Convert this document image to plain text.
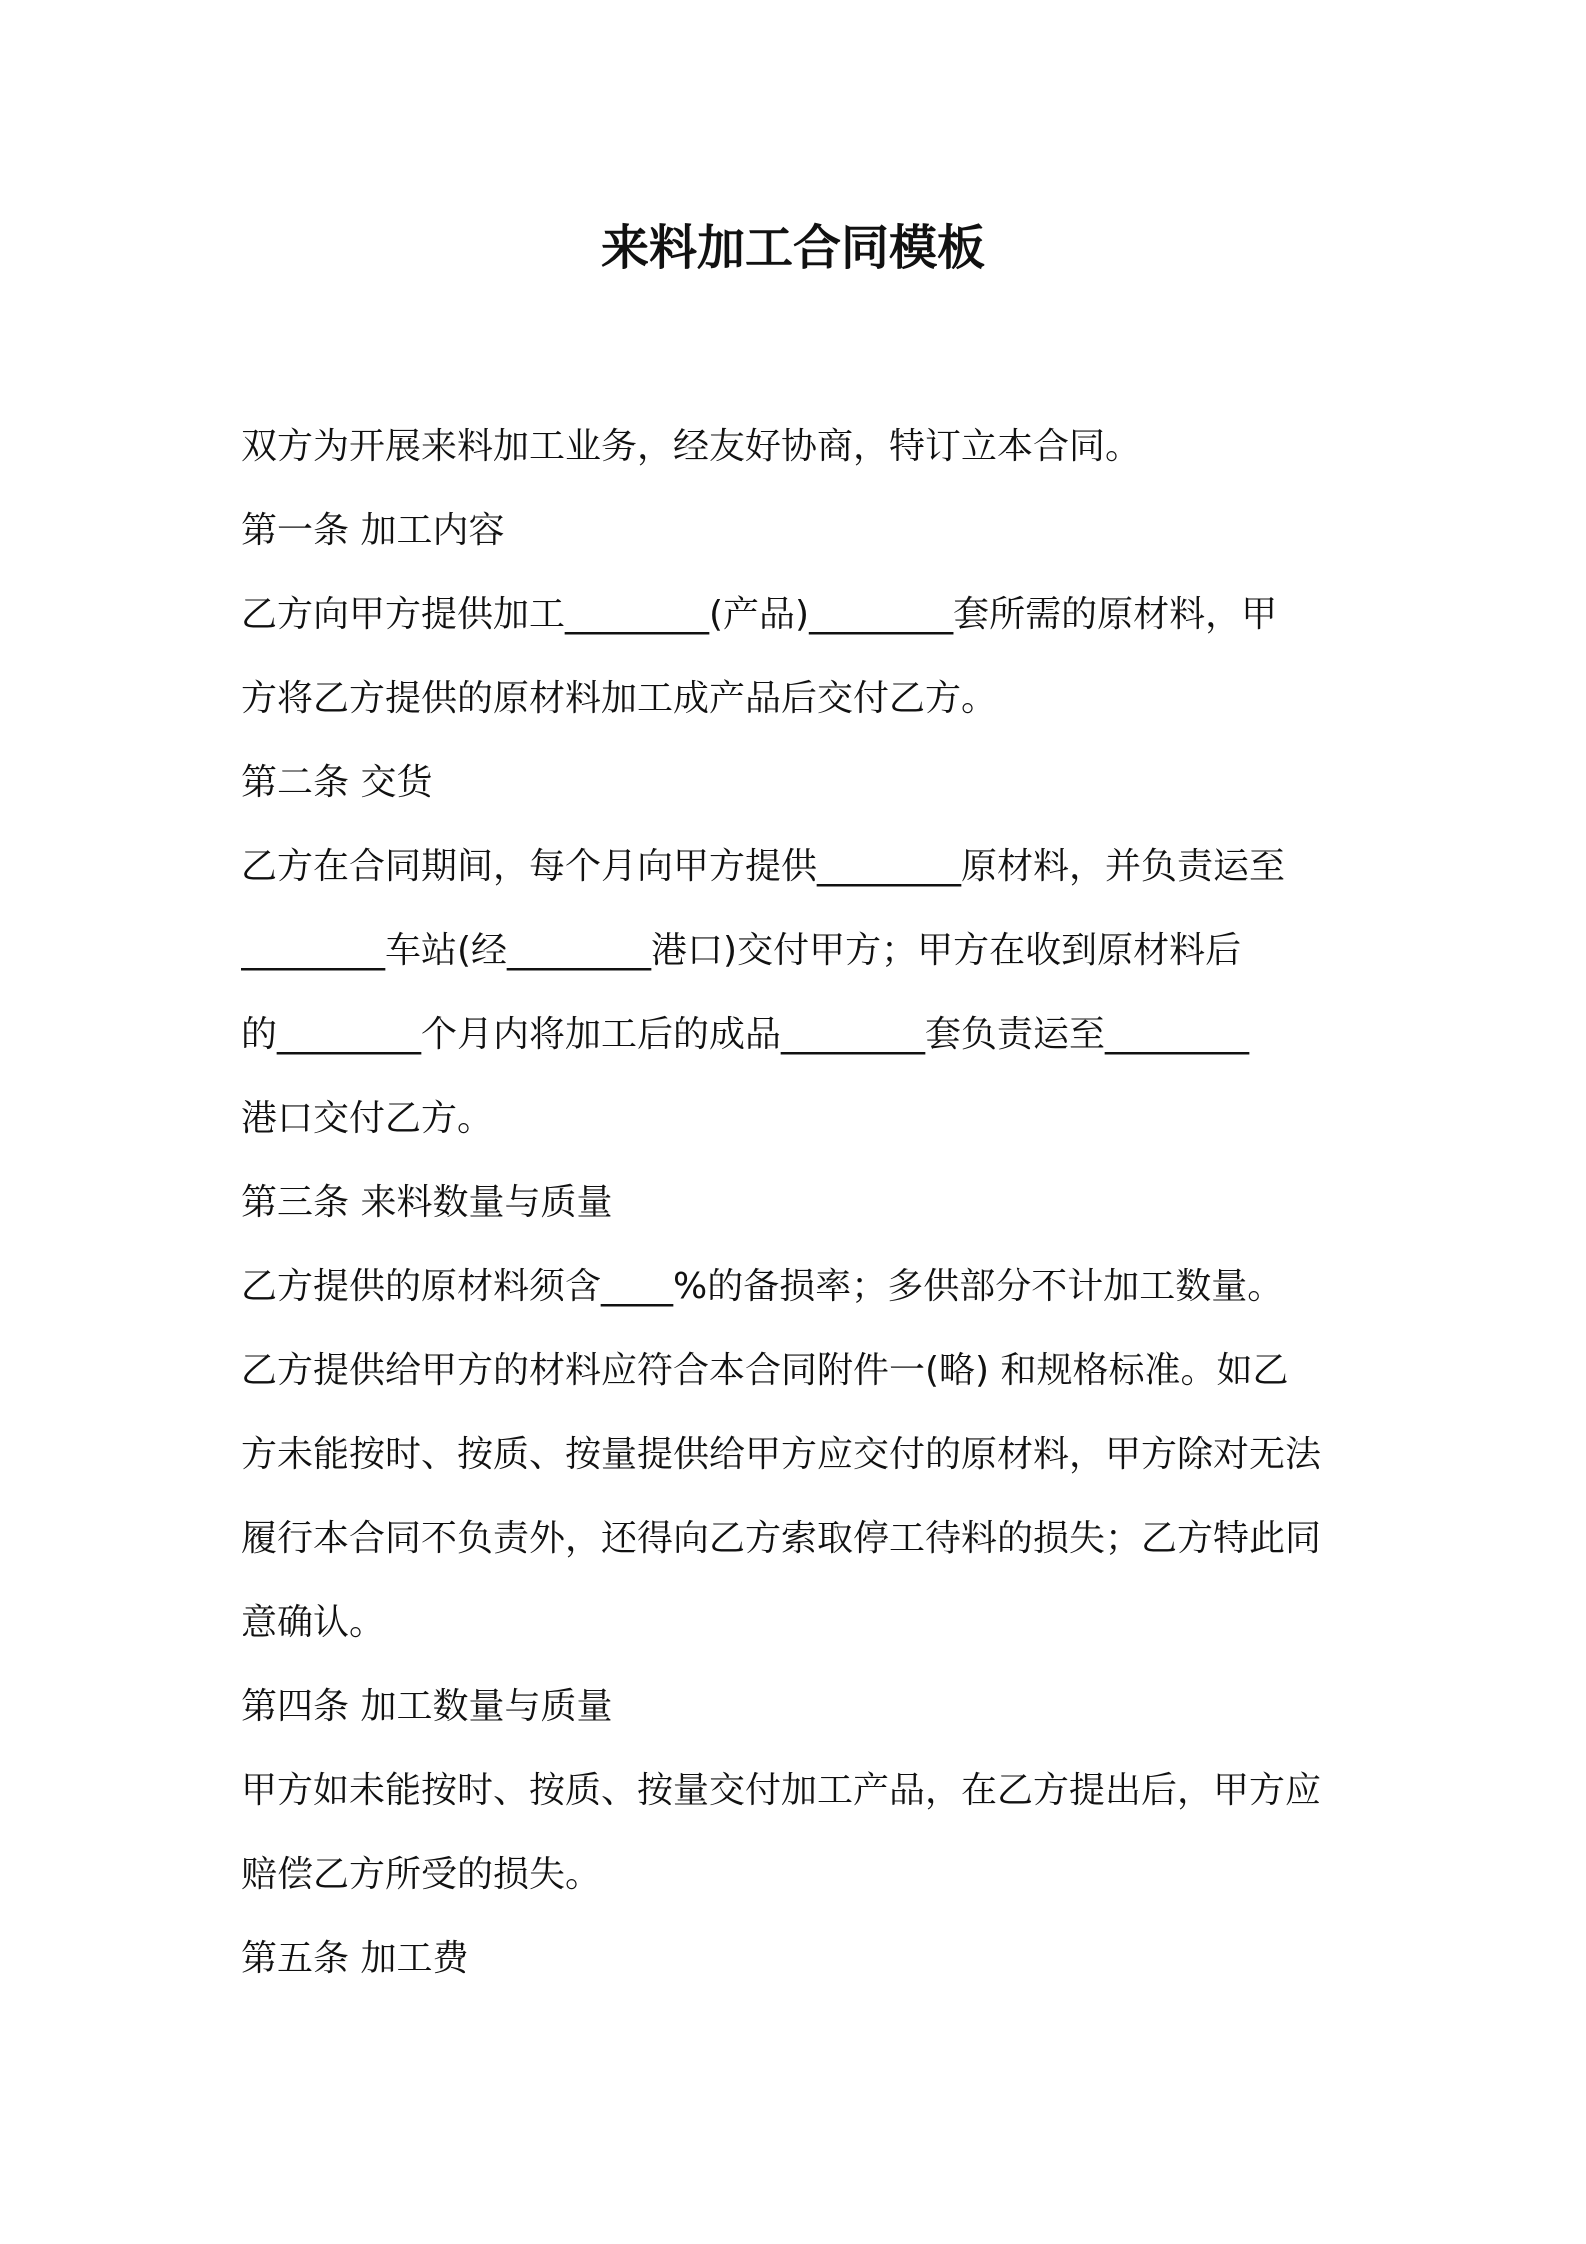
来料加工合同模板
双方为开展来料加工业务，经友好协商，特订立本合同。
第一条 加工内容
乙方向甲方提供加工________(产品)________套所需的原材料，甲
方将乙方提供的原材料加工成产品后交付乙方。
第二条 交货
乙方在合同期间，每个月向甲方提供________原材料，并负责运至
________车站(经________港口)交付甲方；甲方在收到原材料后
的________个月内将加工后的成品________套负责运至________
港口交付乙方。
第三条 来料数量与质量
乙方提供的原材料须含____%的备损率；多供部分不计加工数量。
乙方提供给甲方的材料应符合本合同附件一(略) 和规格标准。如乙
方未能按时、按质、按量提供给甲方应交付的原材料，甲方除对无法
履行本合同不负责外，还得向乙方索取停工待料的损失；乙方特此同
意确认。
第四条 加工数量与质量
甲方如未能按时、按质、按量交付加工产品，在乙方提出后，甲方应
赔偿乙方所受的损失。
第五条 加工费
